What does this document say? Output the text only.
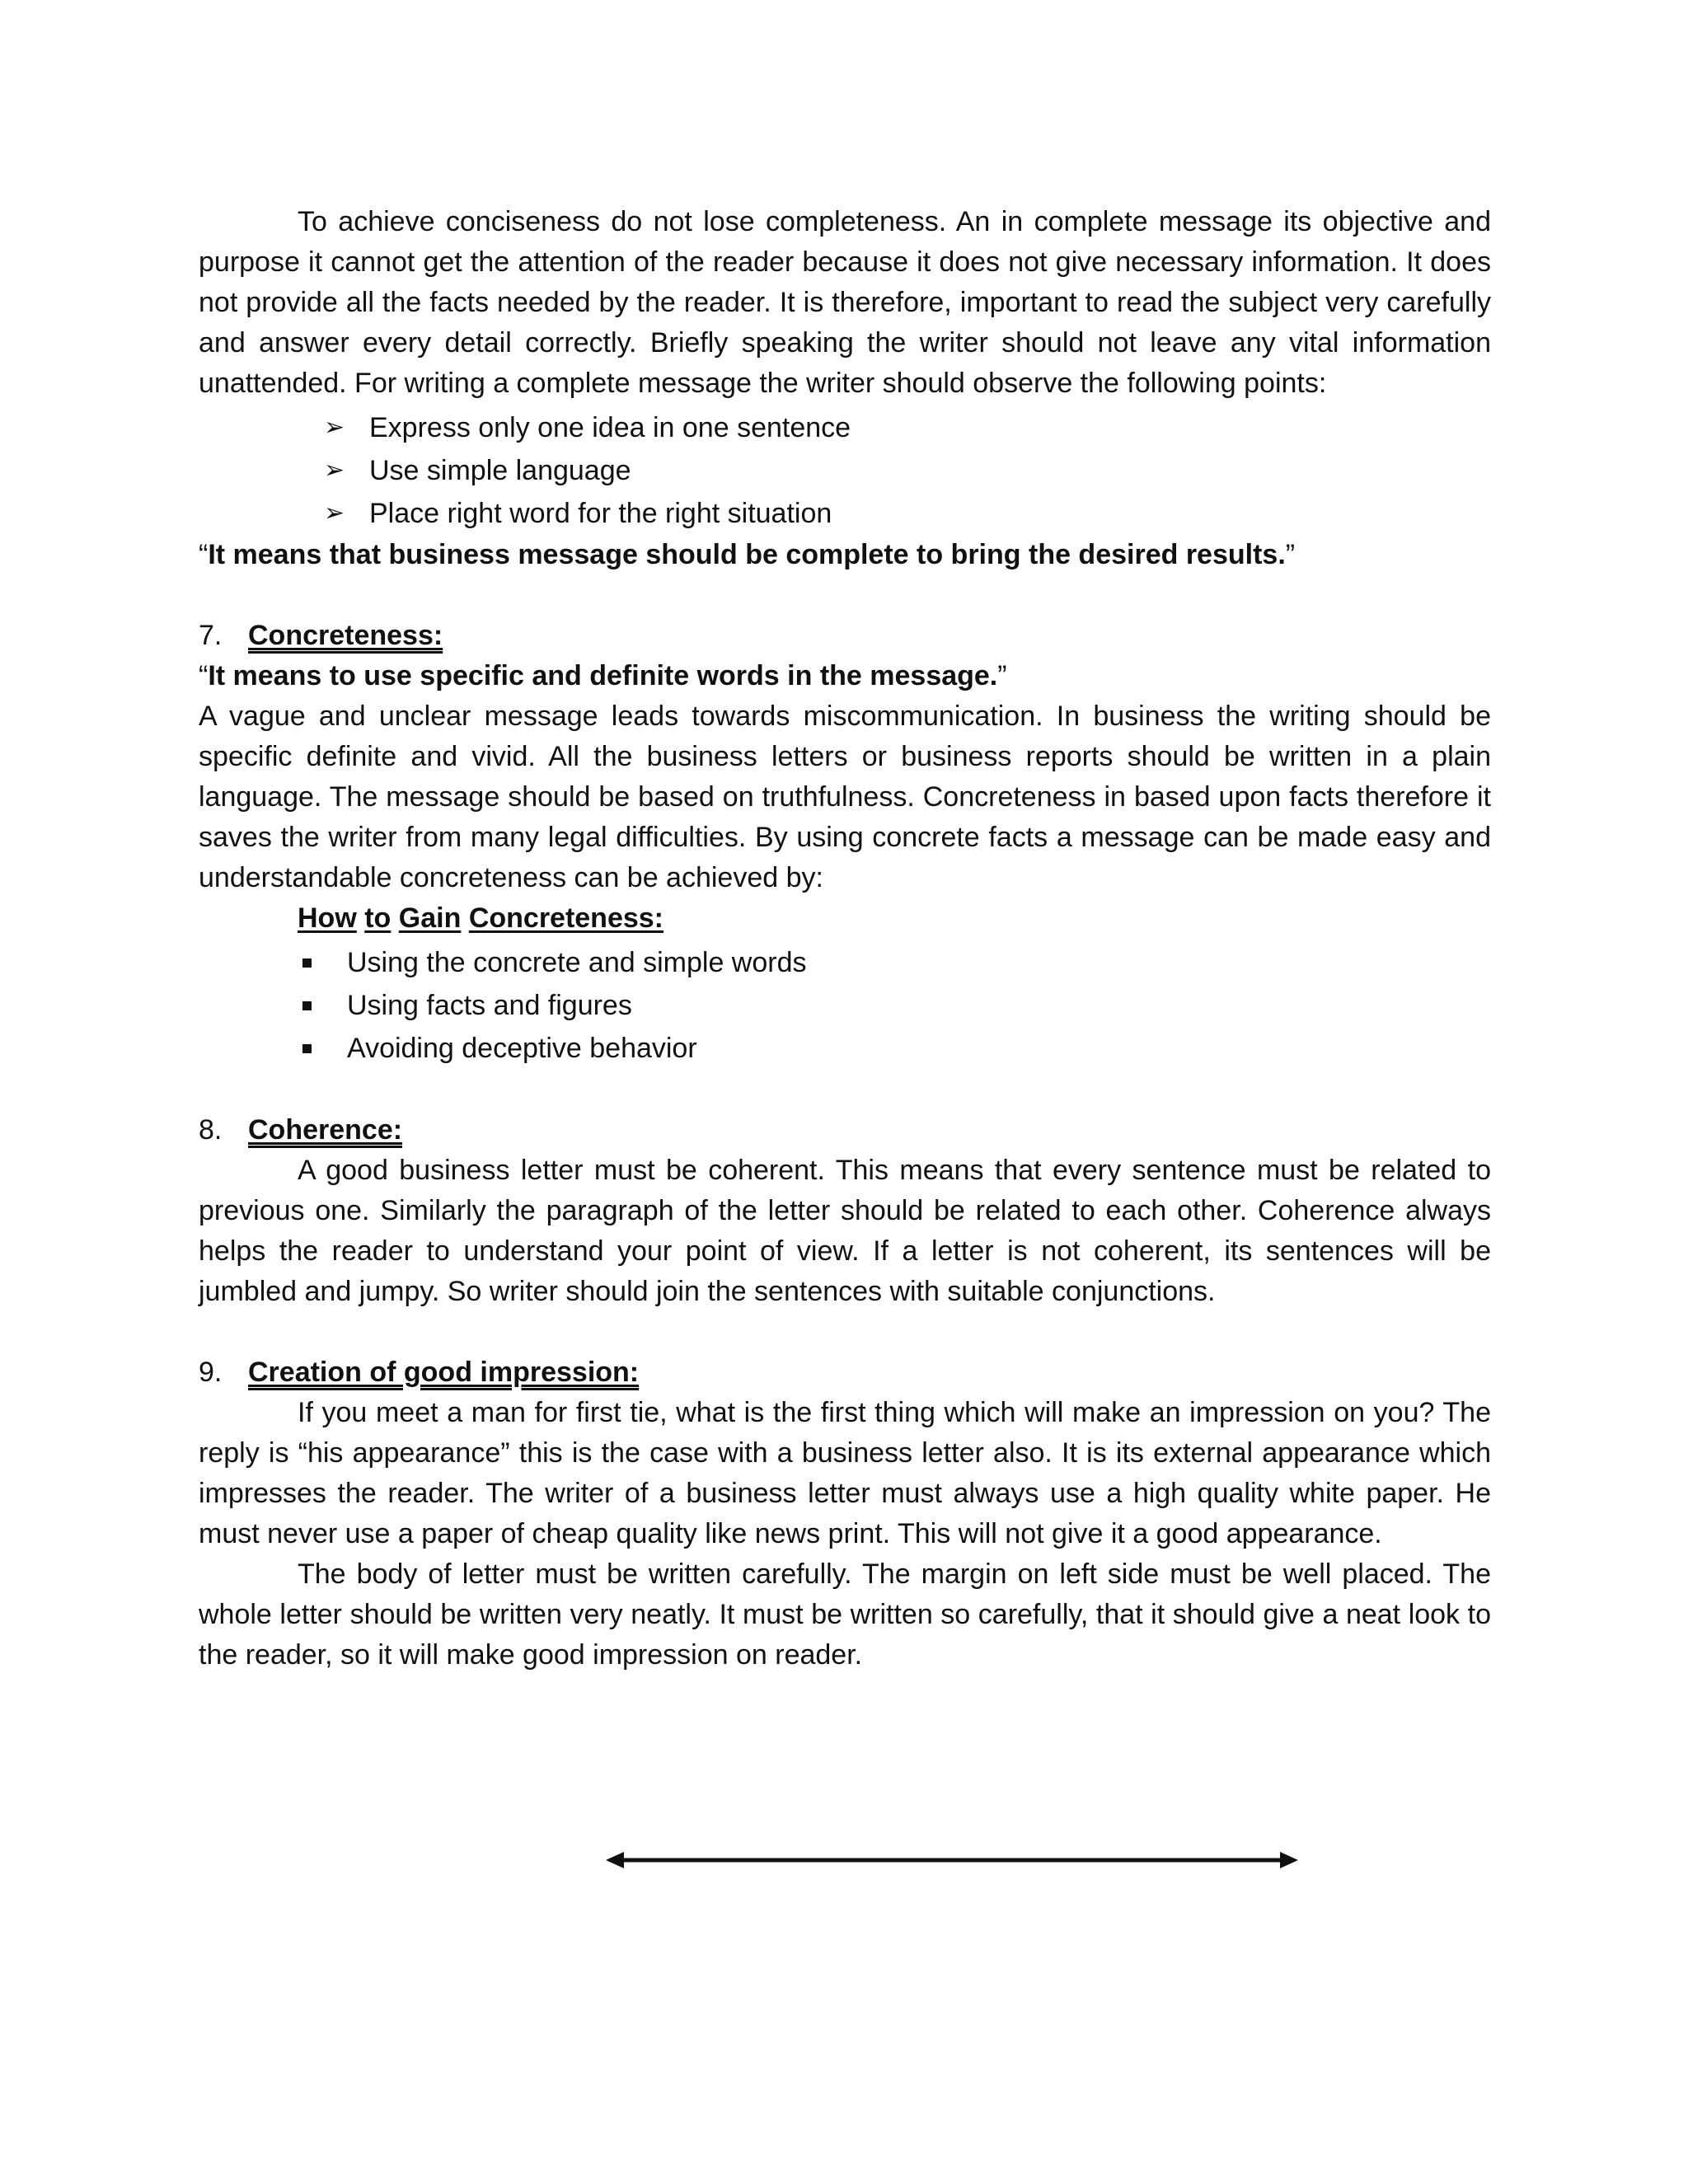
To achieve conciseness do not lose completeness. An in complete message its objective and purpose it cannot get the attention of the reader because it does not give necessary information. It does not provide all the facts needed by the reader. It is therefore, important to read the subject very carefully and answer every detail correctly. Briefly speaking the writer should not leave any vital information unattended. For writing a complete message the writer should observe the following points:

➢ Express only one idea in one sentence
➢ Use simple language
➢ Place right word for the right situation

“It means that business message should be complete to bring the desired results.”

7. Concreteness:

“It means to use specific and definite words in the message.”

A vague and unclear message leads towards miscommunication. In business the writing should be specific definite and vivid. All the business letters or business reports should be written in a plain language. The message should be based on truthfulness. Concreteness in based upon facts therefore it saves the writer from many legal difficulties. By using concrete facts a message can be made easy and understandable concreteness can be achieved by:

How to Gain Concreteness:

Using the concrete and simple words
Using facts and figures
Avoiding deceptive behavior

8. Coherence:

A good business letter must be coherent. This means that every sentence must be related to previous one. Similarly the paragraph of the letter should be related to each other. Coherence always helps the reader to understand your point of view. If a letter is not coherent, its sentences will be jumbled and jumpy. So writer should join the sentences with suitable conjunctions.

9. Creation of good impression:

If you meet a man for first tie, what is the first thing which will make an impression on you? The reply is “his appearance” this is the case with a business letter also. It is its external appearance which impresses the reader. The writer of a business letter must always use a high quality white paper. He must never use a paper of cheap quality like news print. This will not give it a good appearance.

The body of letter must be written carefully. The margin on left side must be well placed. The whole letter should be written very neatly. It must be written so carefully, that it should give a neat look to the reader, so it will make good impression on reader.
